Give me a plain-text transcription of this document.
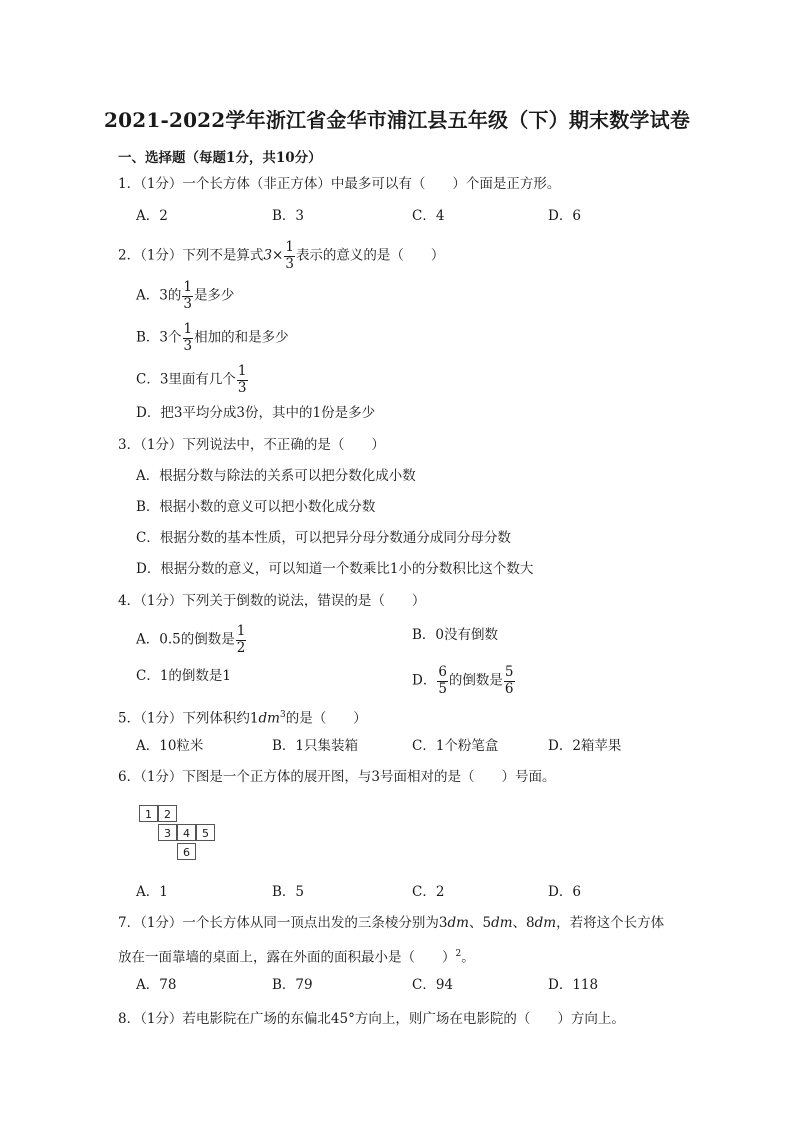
2021-2022学年浙江省金华市浦江县五年级（下）期末数学试卷
一、选择题（每题1分，共10分）
1．（1分）一个长方体（非正方体）中最多可以有（　　）个面是正方形。
A．2	B．3	C．4	D．6
2．（1分）下列不是算式$3\times \frac{1}{3}$ 表示的意义的是（　　）
A．3的 $\frac{1}{3}$ 是多少
B．3个 $\frac{1}{3}$ 相加的和是多少
C．3里面有几个 $\frac{1}{3}$
D．把3平均分成3份，其中的1份是多少
3．（1分）下列说法中，不正确的是（　　）
A．根据分数与除法的关系可以把分数化成小数
B．根据小数的意义可以把小数化成分数
C．根据分数的基本性质，可以把异分母分数通分成同分母分数
D．根据分数的意义，可以知道一个数乘比1小的分数积比这个数大
4．（1分）下列关于倒数的说法，错误的是（　　）
A．0.5的倒数是 $\frac{1}{2}$	B．0没有倒数
C．1的倒数是1	D． $\frac{6}{5}$ 的倒数是 $\frac{5}{6}$
5．（1分）下列体积约$1dm^3$的是（　　）
A．10粒米	B．1只集装箱	C．1个粉笔盒	D．2箱苹果
6．（1分）下图是一个正方体的展开图，与3号面相对的是（　　）号面。
1	2
3	4	5
6
A．1	B．5	C．2	D．6
7．（1分）一个长方体从同一顶点出发的三条棱分别为3dm、5dm、8dm，若将这个长方体
放在一面靠墙的桌面上，露在外面的面积最小是（　　）$^2$。
A．78	B．79	C．94	D．118
8．（1分）若电影院在广场的东偏北45°方向上，则广场在电影院的（　　）方向上。
